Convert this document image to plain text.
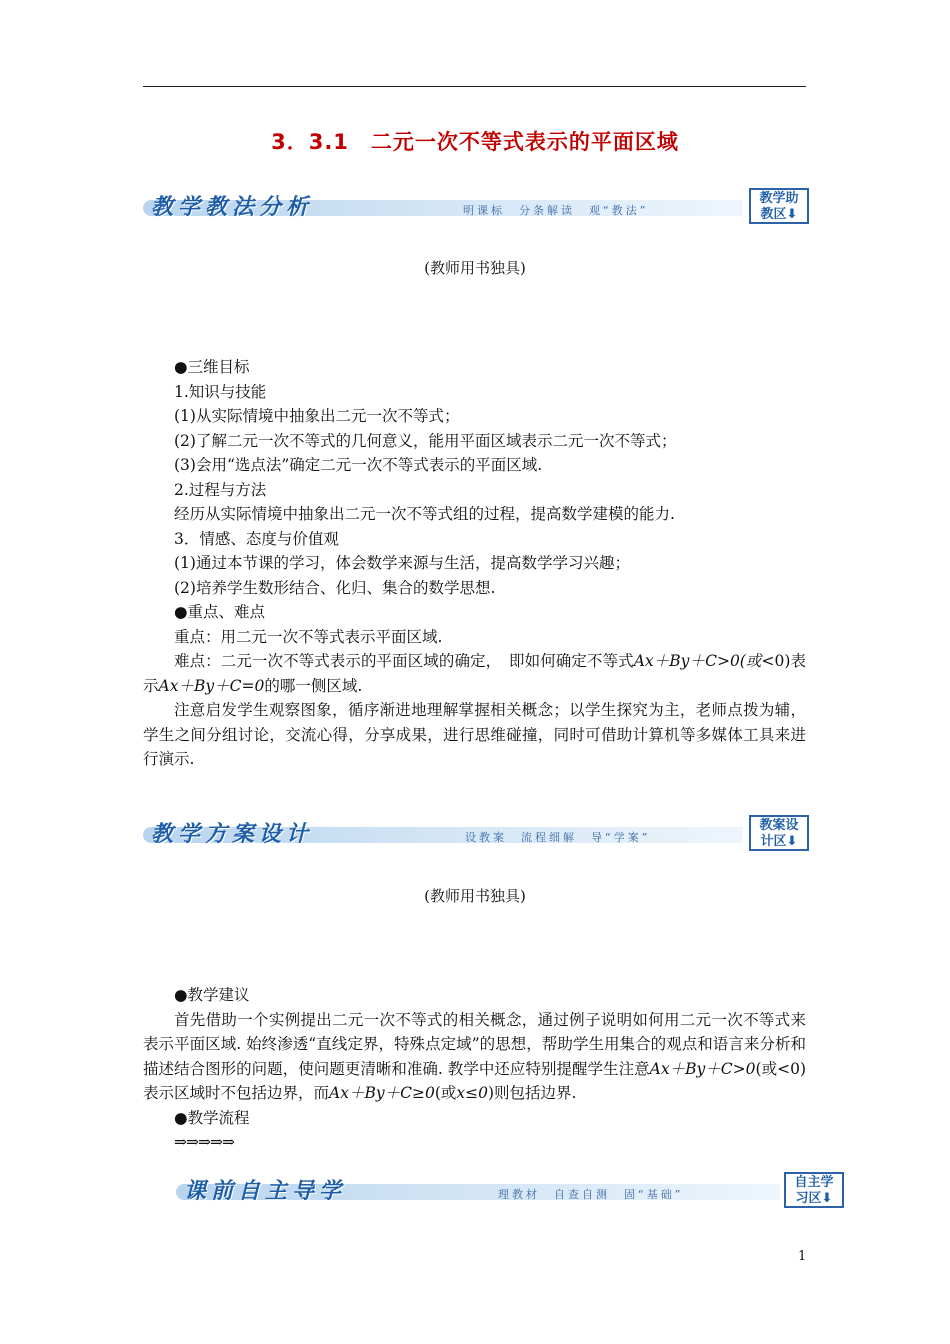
3．3.1　二元一次不等式表示的平面区域
教学教法分析	明课标　分条解读　观“教法”
教学助
教区⬇
(教师用书独具)

●三维目标

1.知识与技能

(1)从实际情境中抽象出二元一次不等式；

(2)了解二元一次不等式的几何意义，能用平面区域表示二元一次不等式；

(3)会用“选点法”确定二元一次不等式表示的平面区域.

2.过程与方法

经历从实际情境中抽象出二元一次不等式组的过程，提高数学建模的能力.

3．情感、态度与价值观

(1)通过本节课的学习，体会数学来源与生活，提高数学学习兴趣；

(2)培养学生数形结合、化归、集合的数学思想.

●重点、难点

重点：用二元一次不等式表示平面区域.

难点：二元一次不等式表示的平面区域的确定，　即如何确定不等式Ax＋By＋C>0(或<0)表示Ax＋By＋C=0的哪一侧区域.

注意启发学生观察图象，循序渐进地理解掌握相关概念；以学生探究为主，老师点拨为辅，学生之间分组讨论，交流心得，分享成果，进行思维碰撞，同时可借助计算机等多媒体工具来进行演示.

教学方案设计	设教案　流程细解　导“学案”
教案设
计区⬇
(教师用书独具)

●教学建议

首先借助一个实例提出二元一次不等式的相关概念，通过例子说明如何用二元一次不等式来表示平面区域. 始终渗透“直线定界，特殊点定域”的思想，帮助学生用集合的观点和语言来分析和描述结合图形的问题，使问题更清晰和准确. 教学中还应特别提醒学生注意Ax＋By＋C>0(或<0)表示区域时不包括边界，而Ax＋By＋C≥0(或x≤0)则包括边界.

●教学流程

⇒⇒⇒⇒⇒

课前自主导学	理教材　自查自测　固“基础”
自主学
习区⬇
1
